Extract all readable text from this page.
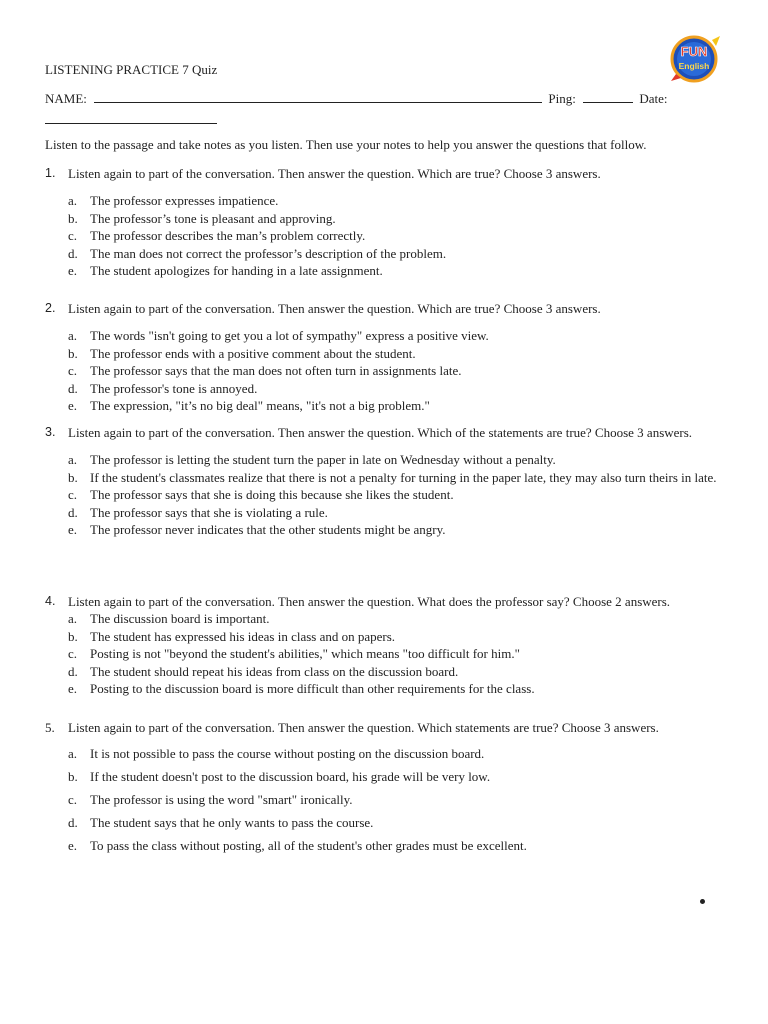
LISTENING PRACTICE 7 Quiz
FUN
English
NAME:	Ping:	Date:
Listen to the passage and take notes as you listen. Then use your notes to help you answer the questions that follow.
1. Listen again to part of the conversation. Then answer the question. Which are true? Choose 3 answers.
a. The professor expresses impatience.
b. The professor’s tone is pleasant and approving.
c. The professor describes the man’s problem correctly.
d. The man does not correct the professor’s description of the problem.
e. The student apologizes for handing in a late assignment.
2. Listen again to part of the conversation. Then answer the question. Which are true? Choose 3 answers.
a. The words "isn't going to get you a lot of sympathy" express a positive view.
b. The professor ends with a positive comment about the student.
c. The professor says that the man does not often turn in assignments late.
d. The professor's tone is annoyed.
e. The expression, "it’s no big deal" means, "it's not a big problem."
3. Listen again to part of the conversation. Then answer the question. Which of the statements are true? Choose 3 answers.
a. The professor is letting the student turn the paper in late on Wednesday without a penalty.
b. If the student's classmates realize that there is not a penalty for turning in the paper late, they may also turn theirs in late.
c. The professor says that she is doing this because she likes the student.
d. The professor says that she is violating a rule.
e. The professor never indicates that the other students might be angry.
4. Listen again to part of the conversation. Then answer the question. What does the professor say? Choose 2 answers.
a. The discussion board is important.
b. The student has expressed his ideas in class and on papers.
c. Posting is not "beyond the student's abilities," which means "too difficult for him."
d. The student should repeat his ideas from class on the discussion board.
e. Posting to the discussion board is more difficult than other requirements for the class.
5. Listen again to part of the conversation. Then answer the question. Which statements are true? Choose 3 answers.
a. It is not possible to pass the course without posting on the discussion board.
b. If the student doesn't post to the discussion board, his grade will be very low.
c. The professor is using the word "smart" ironically.
d. The student says that he only wants to pass the course.
e. To pass the class without posting, all of the student's other grades must be excellent.
